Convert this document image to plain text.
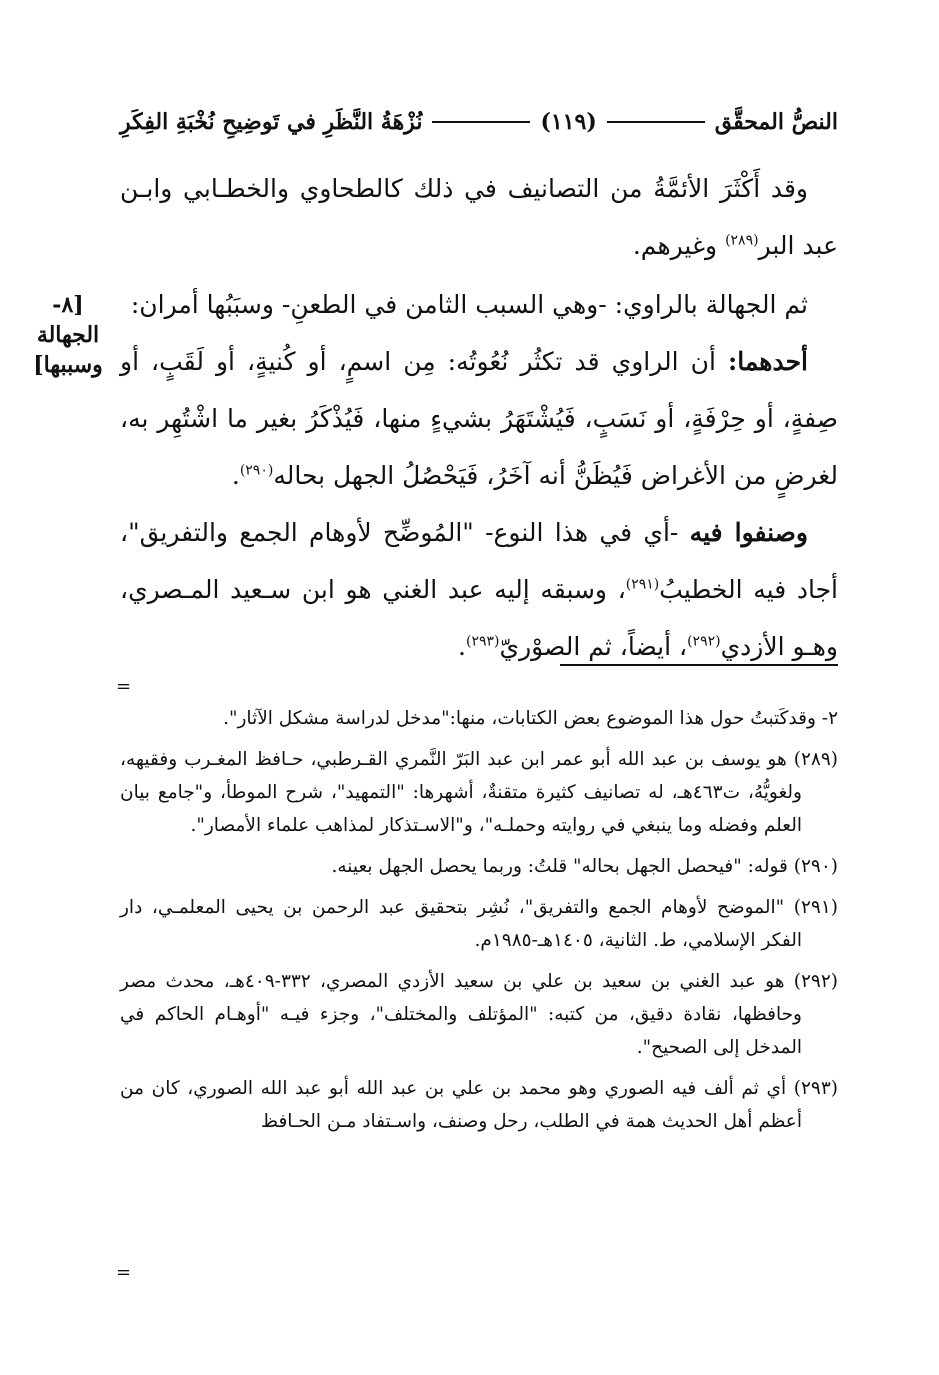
النصُّ المحقَّق
(١١٩)
نُزْهَةُ النَّظَرِ في تَوضِيحِ نُخْبَةِ الفِكَرِ
[٨-
الجهالة
وسببها]

وقد أَكْثَرَ الأئمَّةُ من التصانيف في ذلك كالطحاوي والخطـابي وابـن عبد البر$^{(٢٨٩)}$ وغيرهم.

ثم الجهالة بالراوي: -وهي السبب الثامن في الطعنِ- وسبَبُها أمران:

أحدهما: أن الراوي قد تكثُر نُعُوتُه: مِن اسمٍ، أو كُنيةٍ، أو لَقَبٍ، أو صِفةٍ، أو حِرْفَةٍ، أو نَسَبٍ، فَيُشْتَهَرُ بشيءٍ منها، فَيُذْكَرُ بغير ما اشْتُهِر به، لغرضٍ من الأغراض فَيُظَنُّ أنه آخَرُ، فَيَحْصُلُ الجهل بحاله$^{(٢٩٠)}$.

وصنفوا فيه -أي في هذا النوع- "المُوضِّح لأوهام الجمع والتفريق"، أجاد فيه الخطيبُ$^{(٢٩١)}$، وسبقه إليه عبد الغني هو ابن سـعيد المـصري، وهـو الأزدي$^{(٢٩٢)}$، أيضاً، ثم الصوْريّ$^{(٢٩٣)}$.

=

٢- وقدكَتبتُ حول هذا الموضوع بعض الكتابات، منها:"مدخل لدراسة مشكل الآثار".

(٢٨٩) هو يوسف بن عبد الله أبو عمر ابن عبد البَرّ النَّمري القـرطبي، حـافظ المغـرب وفقيهه، ولغويُّهُ، ت٤٦٣هـ، له تصانيف كثيرة متقنةٌ، أشهرها: "التمهيد"، شرح الموطأ، و"جامع بيان العلم وفضله وما ينبغي في روايته وحملـه"، و"الاسـتذكار لمذاهب علماء الأمصار".

(٢٩٠) قوله: "فيحصل الجهل بحاله" قلتُ: وربما يحصل الجهل بعينه.

(٢٩١) "الموضح لأوهام الجمع والتفريق"، نُشِر بتحقيق عبد الرحمن بن يحيى المعلمـي، دار الفكر الإسلامي، ط. الثانية، ١٤٠٥هـ-١٩٨٥م.

(٢٩٢) هو عبد الغني بن سعيد بن علي بن سعيد الأزدي المصري، ٣٣٢-٤٠٩هـ، محدث مصر وحافظها، نقادة دقيق، من كتبه: "المؤتلف والمختلف"، وجزء فيـه "أوهـام الحاكم في المدخل إلى الصحيح".

(٢٩٣) أي ثم ألف فيه الصوري وهو محمد بن علي بن عبد الله أبو عبد الله الصوري، كان من أعظم أهل الحديث همة في الطلب، رحل وصنف، واسـتفاد مـن الحـافظ

=
